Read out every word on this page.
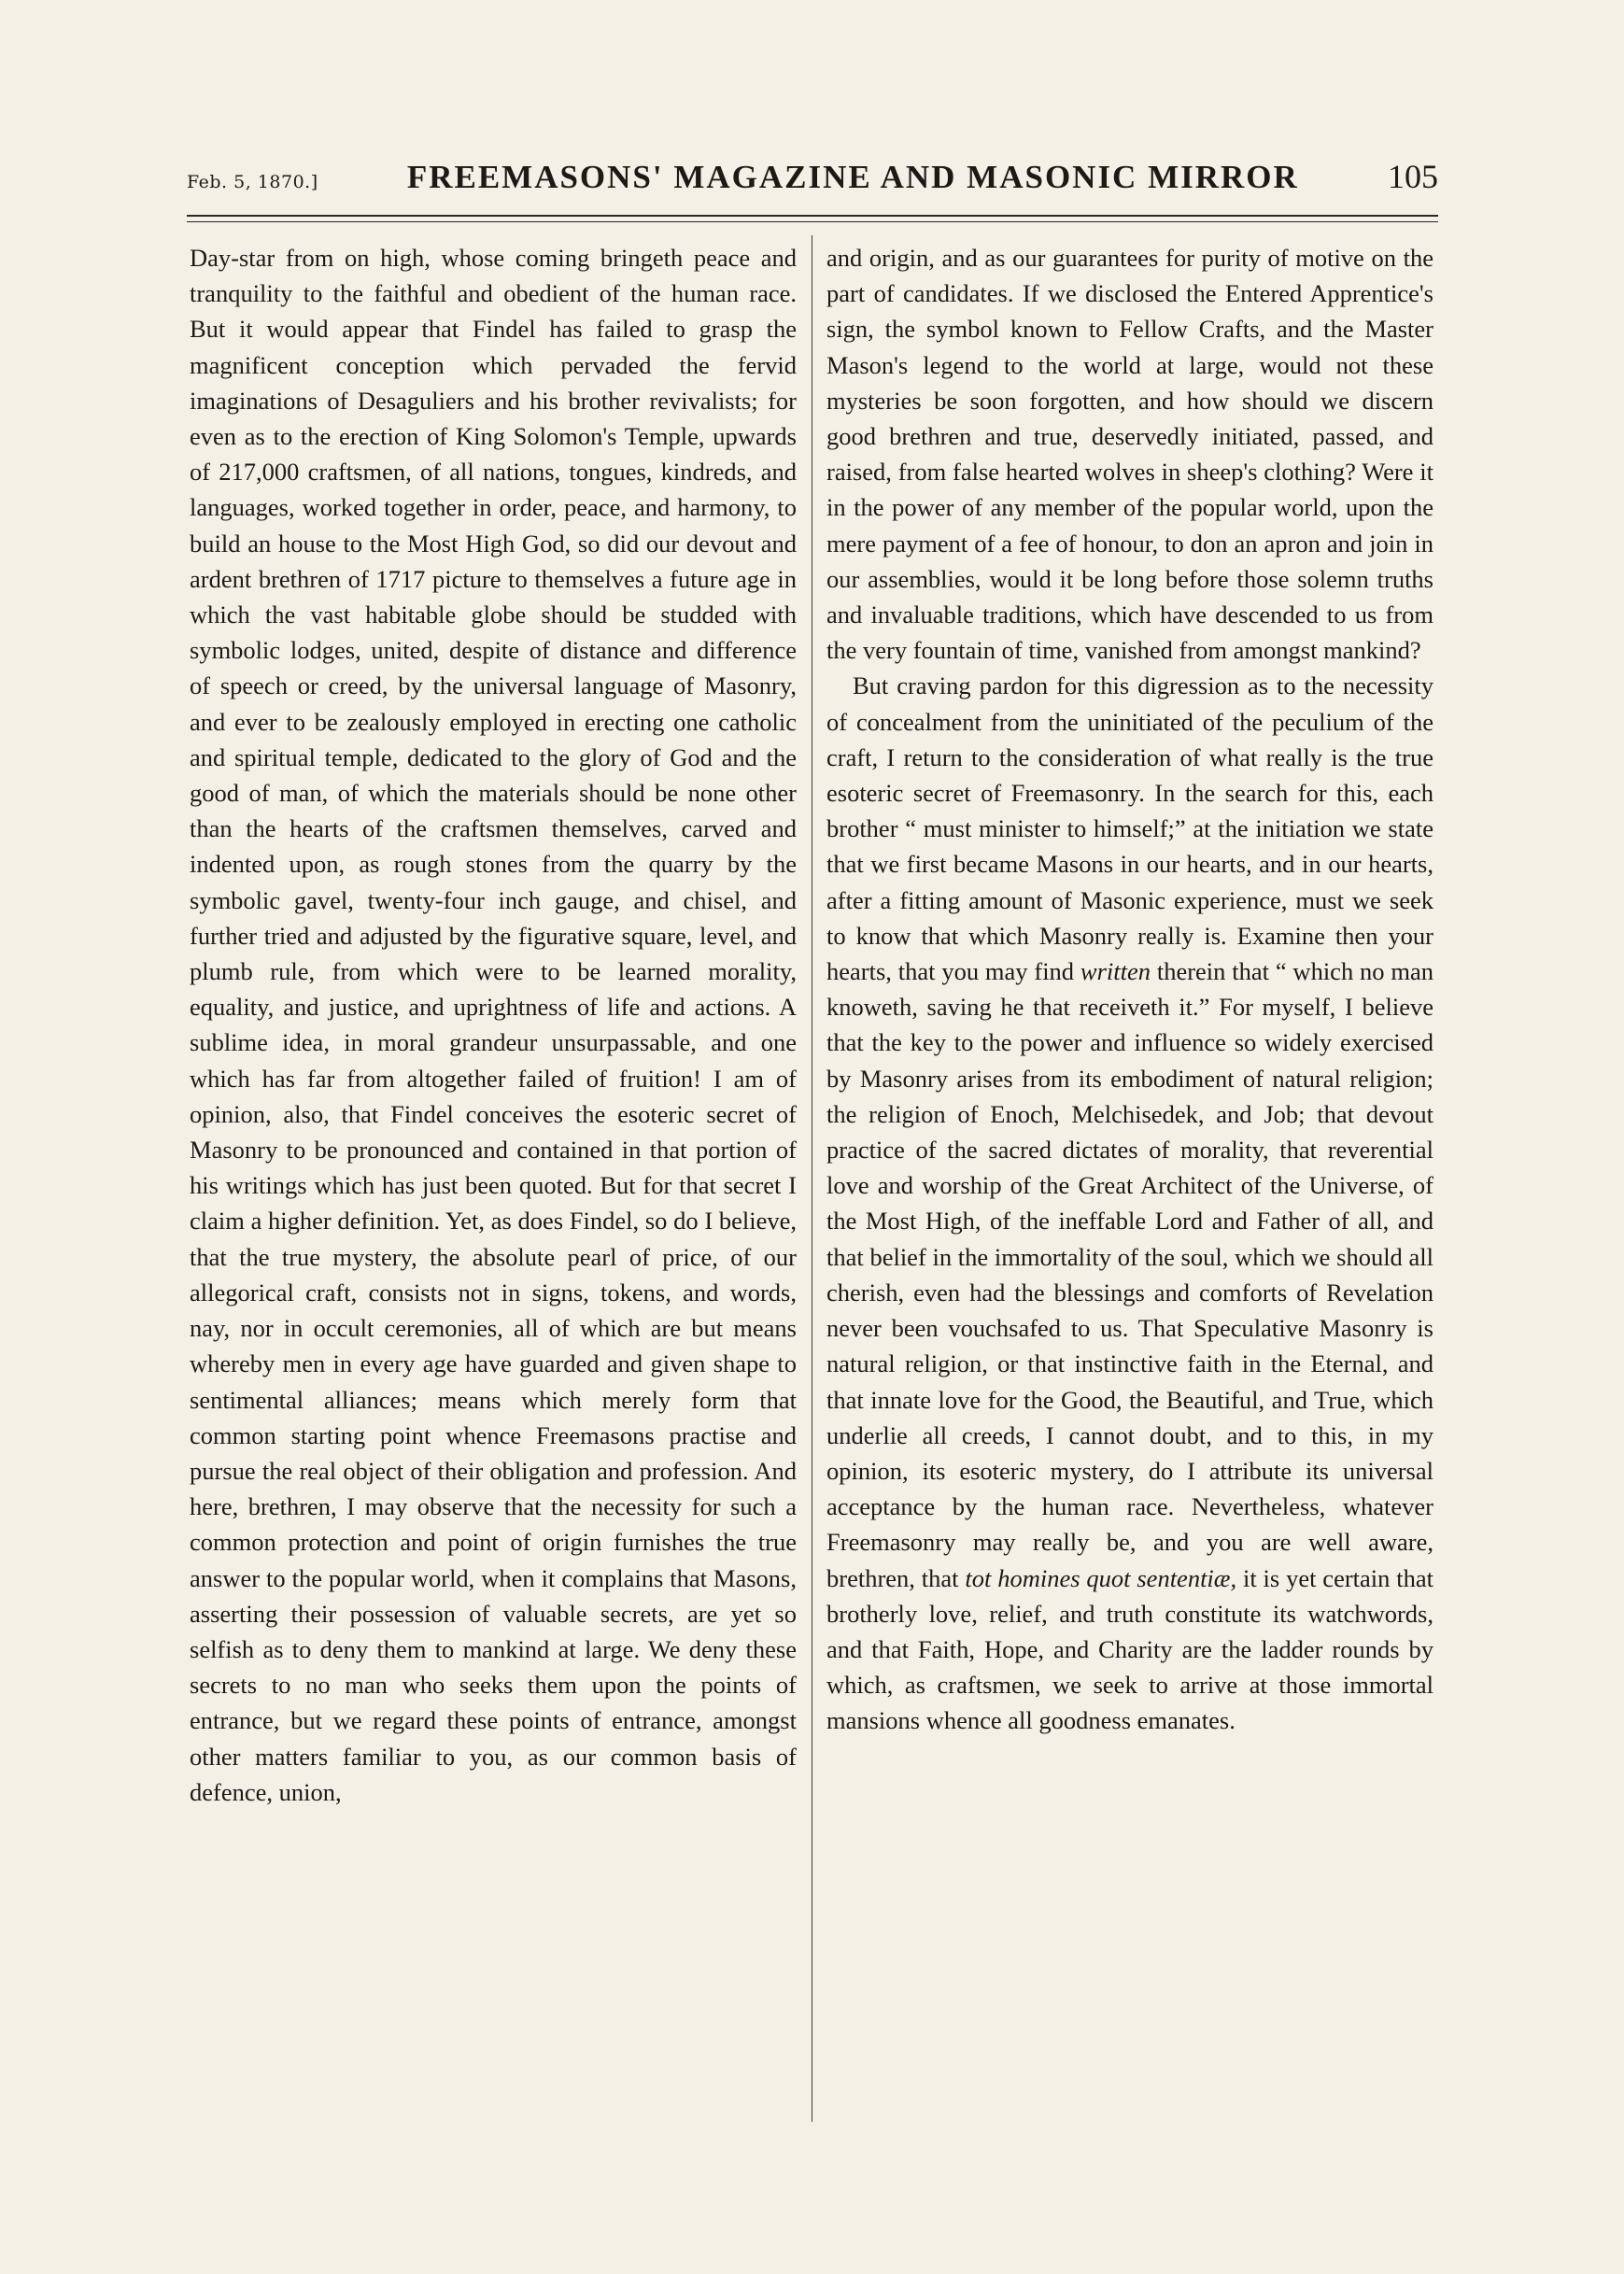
Feb. 5, 1870.]	FREEMASONS' MAGAZINE AND MASONIC MIRROR	105

Day-star from on high, whose coming bringeth peace and tranquility to the faithful and obedient of the human race. But it would appear that Findel has failed to grasp the magnificent conception which pervaded the fervid imaginations of Desaguliers and his brother revivalists; for even as to the erection of King Solomon's Temple, upwards of 217,000 craftsmen, of all nations, tongues, kindreds, and languages, worked together in order, peace, and harmony, to build an house to the Most High God, so did our devout and ardent brethren of 1717 picture to themselves a future age in which the vast habitable globe should be studded with symbolic lodges, united, despite of distance and difference of speech or creed, by the universal language of Masonry, and ever to be zealously employed in erecting one catholic and spiritual temple, dedicated to the glory of God and the good of man, of which the materials should be none other than the hearts of the craftsmen themselves, carved and indented upon, as rough stones from the quarry by the symbolic gavel, twenty-four inch gauge, and chisel, and further tried and adjusted by the figurative square, level, and plumb rule, from which were to be learned morality, equality, and justice, and uprightness of life and actions. A sublime idea, in moral grandeur unsurpassable, and one which has far from altogether failed of fruition! I am of opinion, also, that Findel conceives the esoteric secret of Masonry to be pronounced and contained in that portion of his writings which has just been quoted. But for that secret I claim a higher definition. Yet, as does Findel, so do I believe, that the true mystery, the absolute pearl of price, of our allegorical craft, consists not in signs, tokens, and words, nay, nor in occult ceremonies, all of which are but means whereby men in every age have guarded and given shape to sentimental alliances; means which merely form that common starting point whence Freemasons practise and pursue the real object of their obligation and profession. And here, brethren, I may observe that the necessity for such a common protection and point of origin furnishes the true answer to the popular world, when it complains that Masons, asserting their possession of valuable secrets, are yet so selfish as to deny them to mankind at large. We deny these secrets to no man who seeks them upon the points of entrance, but we regard these points of entrance, amongst other matters familiar to you, as our common basis of defence, union,

and origin, and as our guarantees for purity of motive on the part of candidates. If we disclosed the Entered Apprentice's sign, the symbol known to Fellow Crafts, and the Master Mason's legend to the world at large, would not these mysteries be soon forgotten, and how should we discern good brethren and true, deservedly initiated, passed, and raised, from false hearted wolves in sheep's clothing? Were it in the power of any member of the popular world, upon the mere payment of a fee of honour, to don an apron and join in our assemblies, would it be long before those solemn truths and invaluable traditions, which have descended to us from the very fountain of time, vanished from amongst mankind?

But craving pardon for this digression as to the necessity of concealment from the uninitiated of the peculium of the craft, I return to the consideration of what really is the true esoteric secret of Freemasonry. In the search for this, each brother “ must minister to himself;” at the initiation we state that we first became Masons in our hearts, and in our hearts, after a fitting amount of Masonic experience, must we seek to know that which Masonry really is. Examine then your hearts, that you may find written therein that “ which no man knoweth, saving he that receiveth it.” For myself, I believe that the key to the power and influence so widely exercised by Masonry arises from its embodiment of natural religion; the religion of Enoch, Melchisedek, and Job; that devout practice of the sacred dictates of morality, that reverential love and worship of the Great Architect of the Universe, of the Most High, of the ineffable Lord and Father of all, and that belief in the immortality of the soul, which we should all cherish, even had the blessings and comforts of Revelation never been vouchsafed to us. That Speculative Masonry is natural religion, or that instinctive faith in the Eternal, and that innate love for the Good, the Beautiful, and True, which underlie all creeds, I cannot doubt, and to this, in my opinion, its esoteric mystery, do I attribute its universal acceptance by the human race. Nevertheless, whatever Freemasonry may really be, and you are well aware, brethren, that tot homines quot sententiæ, it is yet certain that brotherly love, relief, and truth constitute its watchwords, and that Faith, Hope, and Charity are the ladder rounds by which, as craftsmen, we seek to arrive at those immortal mansions whence all goodness emanates.
